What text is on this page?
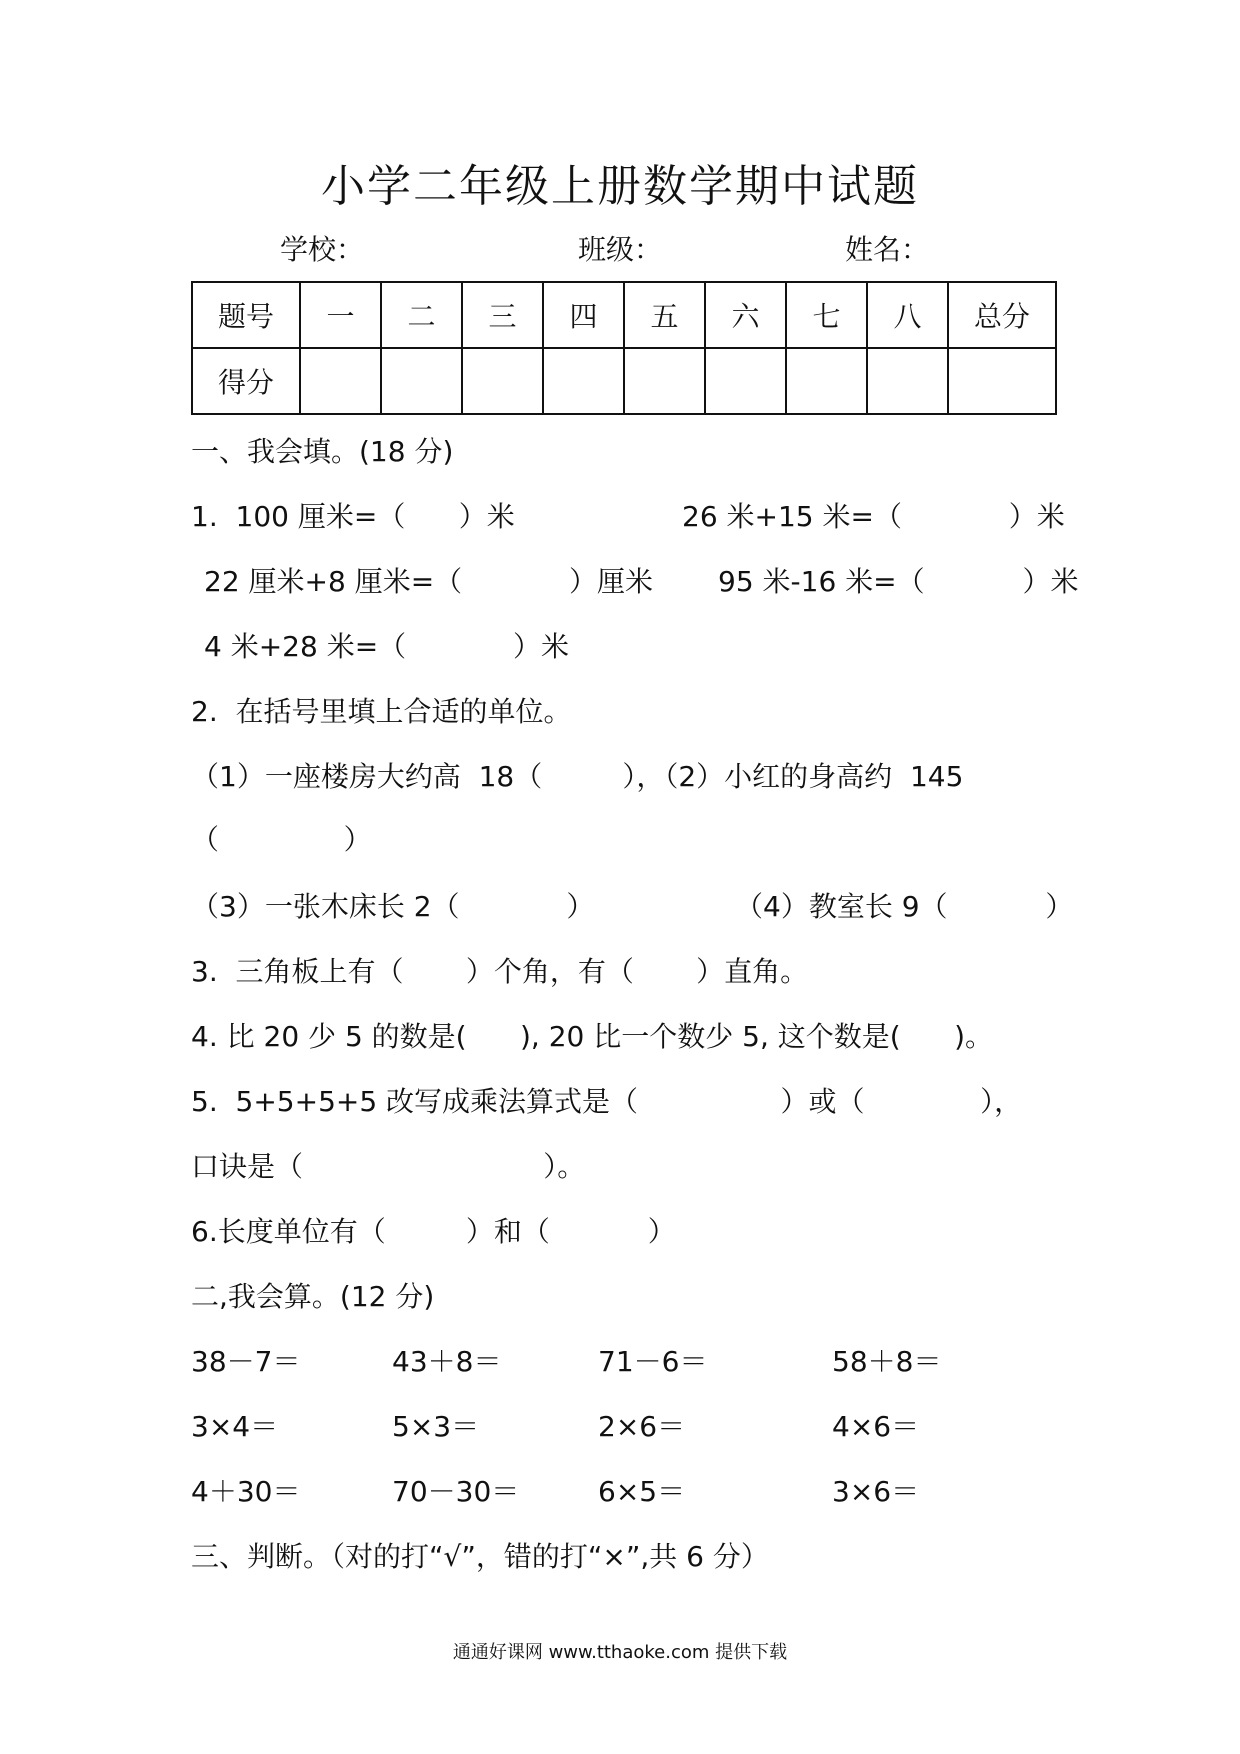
小学二年级上册数学期中试题
学校：	班级：	姓名：
题号	一	二	三	四	五	六	七	八	总分
得分									
一、我会填。(18 分)
1.  100 厘米=（      ）米	26 米+15 米=（            ）米
22 厘米+8 厘米=（            ）厘米 95 米-16 米=（           ）米
4 米+28 米=（            ）米
2.  在括号里填上合适的单位。
（1）一座楼房大约高  18（         ），（2）小红的身高约  145
（              ）
（3）一张木床长 2（            ）	（4）教室长 9（           ）
3.  三角板上有（       ）个角，有（       ）直角。
4. 比 20 少 5 的数是(      ), 20 比一个数少 5, 这个数是(      )。
5.  5+5+5+5 改写成乘法算式是（                ）或（             ），
口诀是（                           ）。
6.长度单位有（         ）和（           ）
二,我会算。(12 分)
38－7＝	43＋8＝	71－6＝	58＋8＝
3×4＝	5×3＝	2×6＝	4×6＝
4＋30＝	70－30＝	6×5＝	3×6＝
三、判断。（对的打“√”，错的打“×”,共 6 分）
通通好课网 www.tthaoke.com 提供下载
